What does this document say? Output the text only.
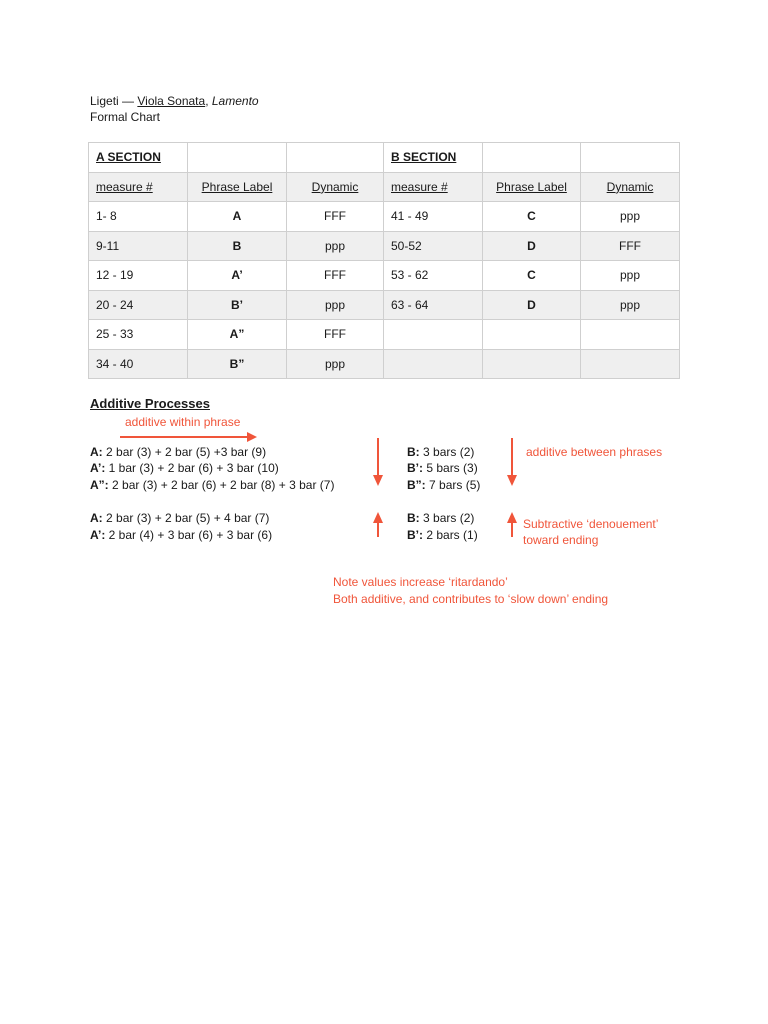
Ligeti — Viola Sonata, Lamento
Formal Chart
A SECTION			B SECTION		
measure #	Phrase Label	Dynamic	measure #	Phrase Label	Dynamic
1- 8	A	FFF	41 - 49	C	ppp
9-11	B	ppp	50-52	D	FFF
12 - 19	A’	FFF	53 - 62	C	ppp
20 - 24	B’	ppp	63 - 64	D	ppp
25 - 33	A”	FFF			
34 - 40	B”	ppp			
Additive Processes
additive within phrase
A: 2 bar (3) + 2 bar (5) +3 bar (9)
A’: 1 bar (3) + 2 bar (6) + 3 bar (10)
A”: 2 bar (3) + 2 bar (6) + 2 bar (8) + 3 bar (7)
B: 3 bars (2)
B’: 5 bars (3)
B”: 7 bars (5)
additive between phrases
A: 2 bar (3) + 2 bar (5) + 4 bar (7)
A’: 2 bar (4) + 3 bar (6) + 3 bar (6)
B: 3 bars (2)
B’: 2 bars (1)
Subtractive ‘denouement’
toward ending
Note values increase ‘ritardando’
Both additive, and contributes to ‘slow down’ ending
